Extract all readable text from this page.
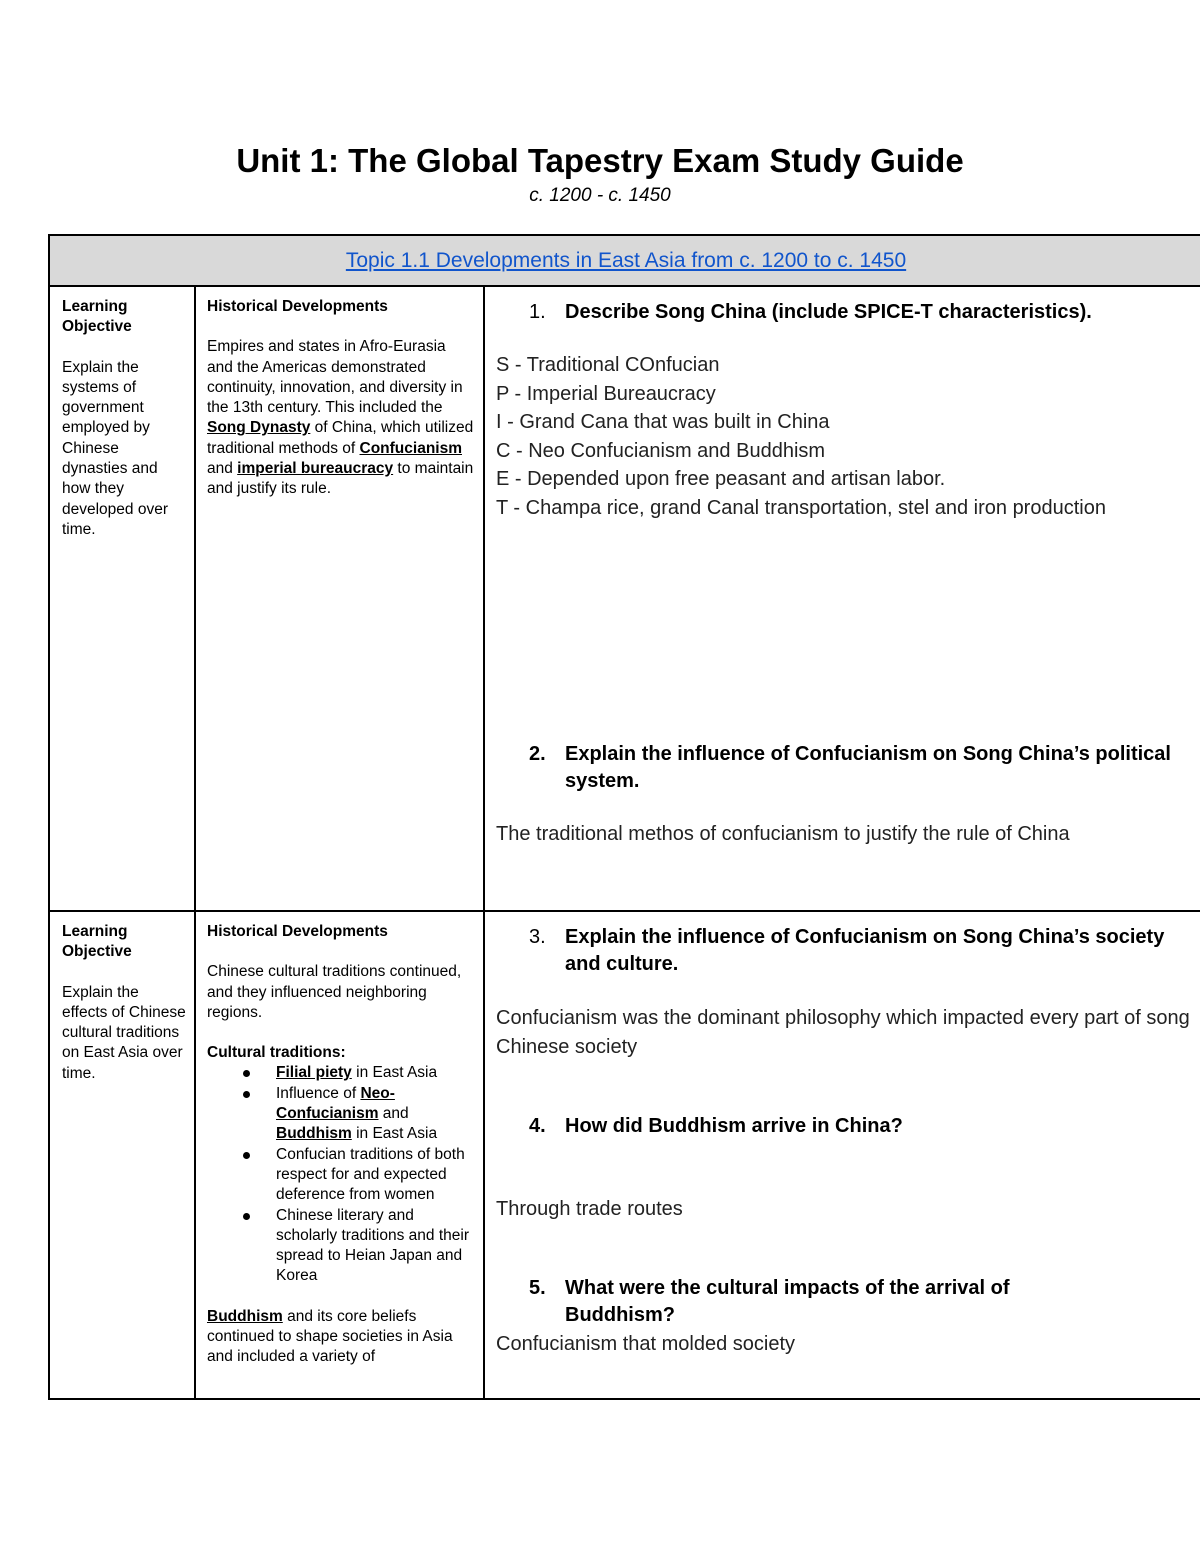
Unit 1: The Global Tapestry Exam Study Guide
c. 1200 - c. 1450
Topic 1.1 Developments in East Asia from c. 1200 to c. 1450
Learning Objective
Explain the systems of government employed by Chinese dynasties and how they developed over time.
Historical Developments
Empires and states in Afro-Eurasia and the Americas demonstrated continuity, innovation, and diversity in the 13th century. This included the Song Dynasty of China, which utilized traditional methods of Confucianism and imperial bureaucracy to maintain and justify its rule.
1. Describe Song China (include SPICE-T characteristics).
S - Traditional COnfucian
P - Imperial Bureaucracy
I - Grand Cana that was built in China
C - Neo Confucianism and Buddhism
E - Depended upon free peasant and artisan labor.
T - Champa rice, grand Canal transportation, stel and iron production
2. Explain the influence of Confucianism on Song China’s political system.
The traditional methos of confucianism to justify the rule of China
Learning Objective
Explain the effects of Chinese cultural traditions on East Asia over time.
Historical Developments
Chinese cultural traditions continued, and they influenced neighboring regions.
Cultural traditions:
Filial piety in East Asia
Influence of Neo-Confucianism and Buddhism in East Asia
Confucian traditions of both respect for and expected deference from women
Chinese literary and scholarly traditions and their spread to Heian Japan and Korea
Buddhism and its core beliefs continued to shape societies in Asia and included a variety of
3. Explain the influence of Confucianism on Song China’s society and culture.
Confucianism was the dominant philosophy which impacted every part of song Chinese society
4. How did Buddhism arrive in China?
Through trade routes
5. What were the cultural impacts of the arrival of Buddhism?
Confucianism that molded society
